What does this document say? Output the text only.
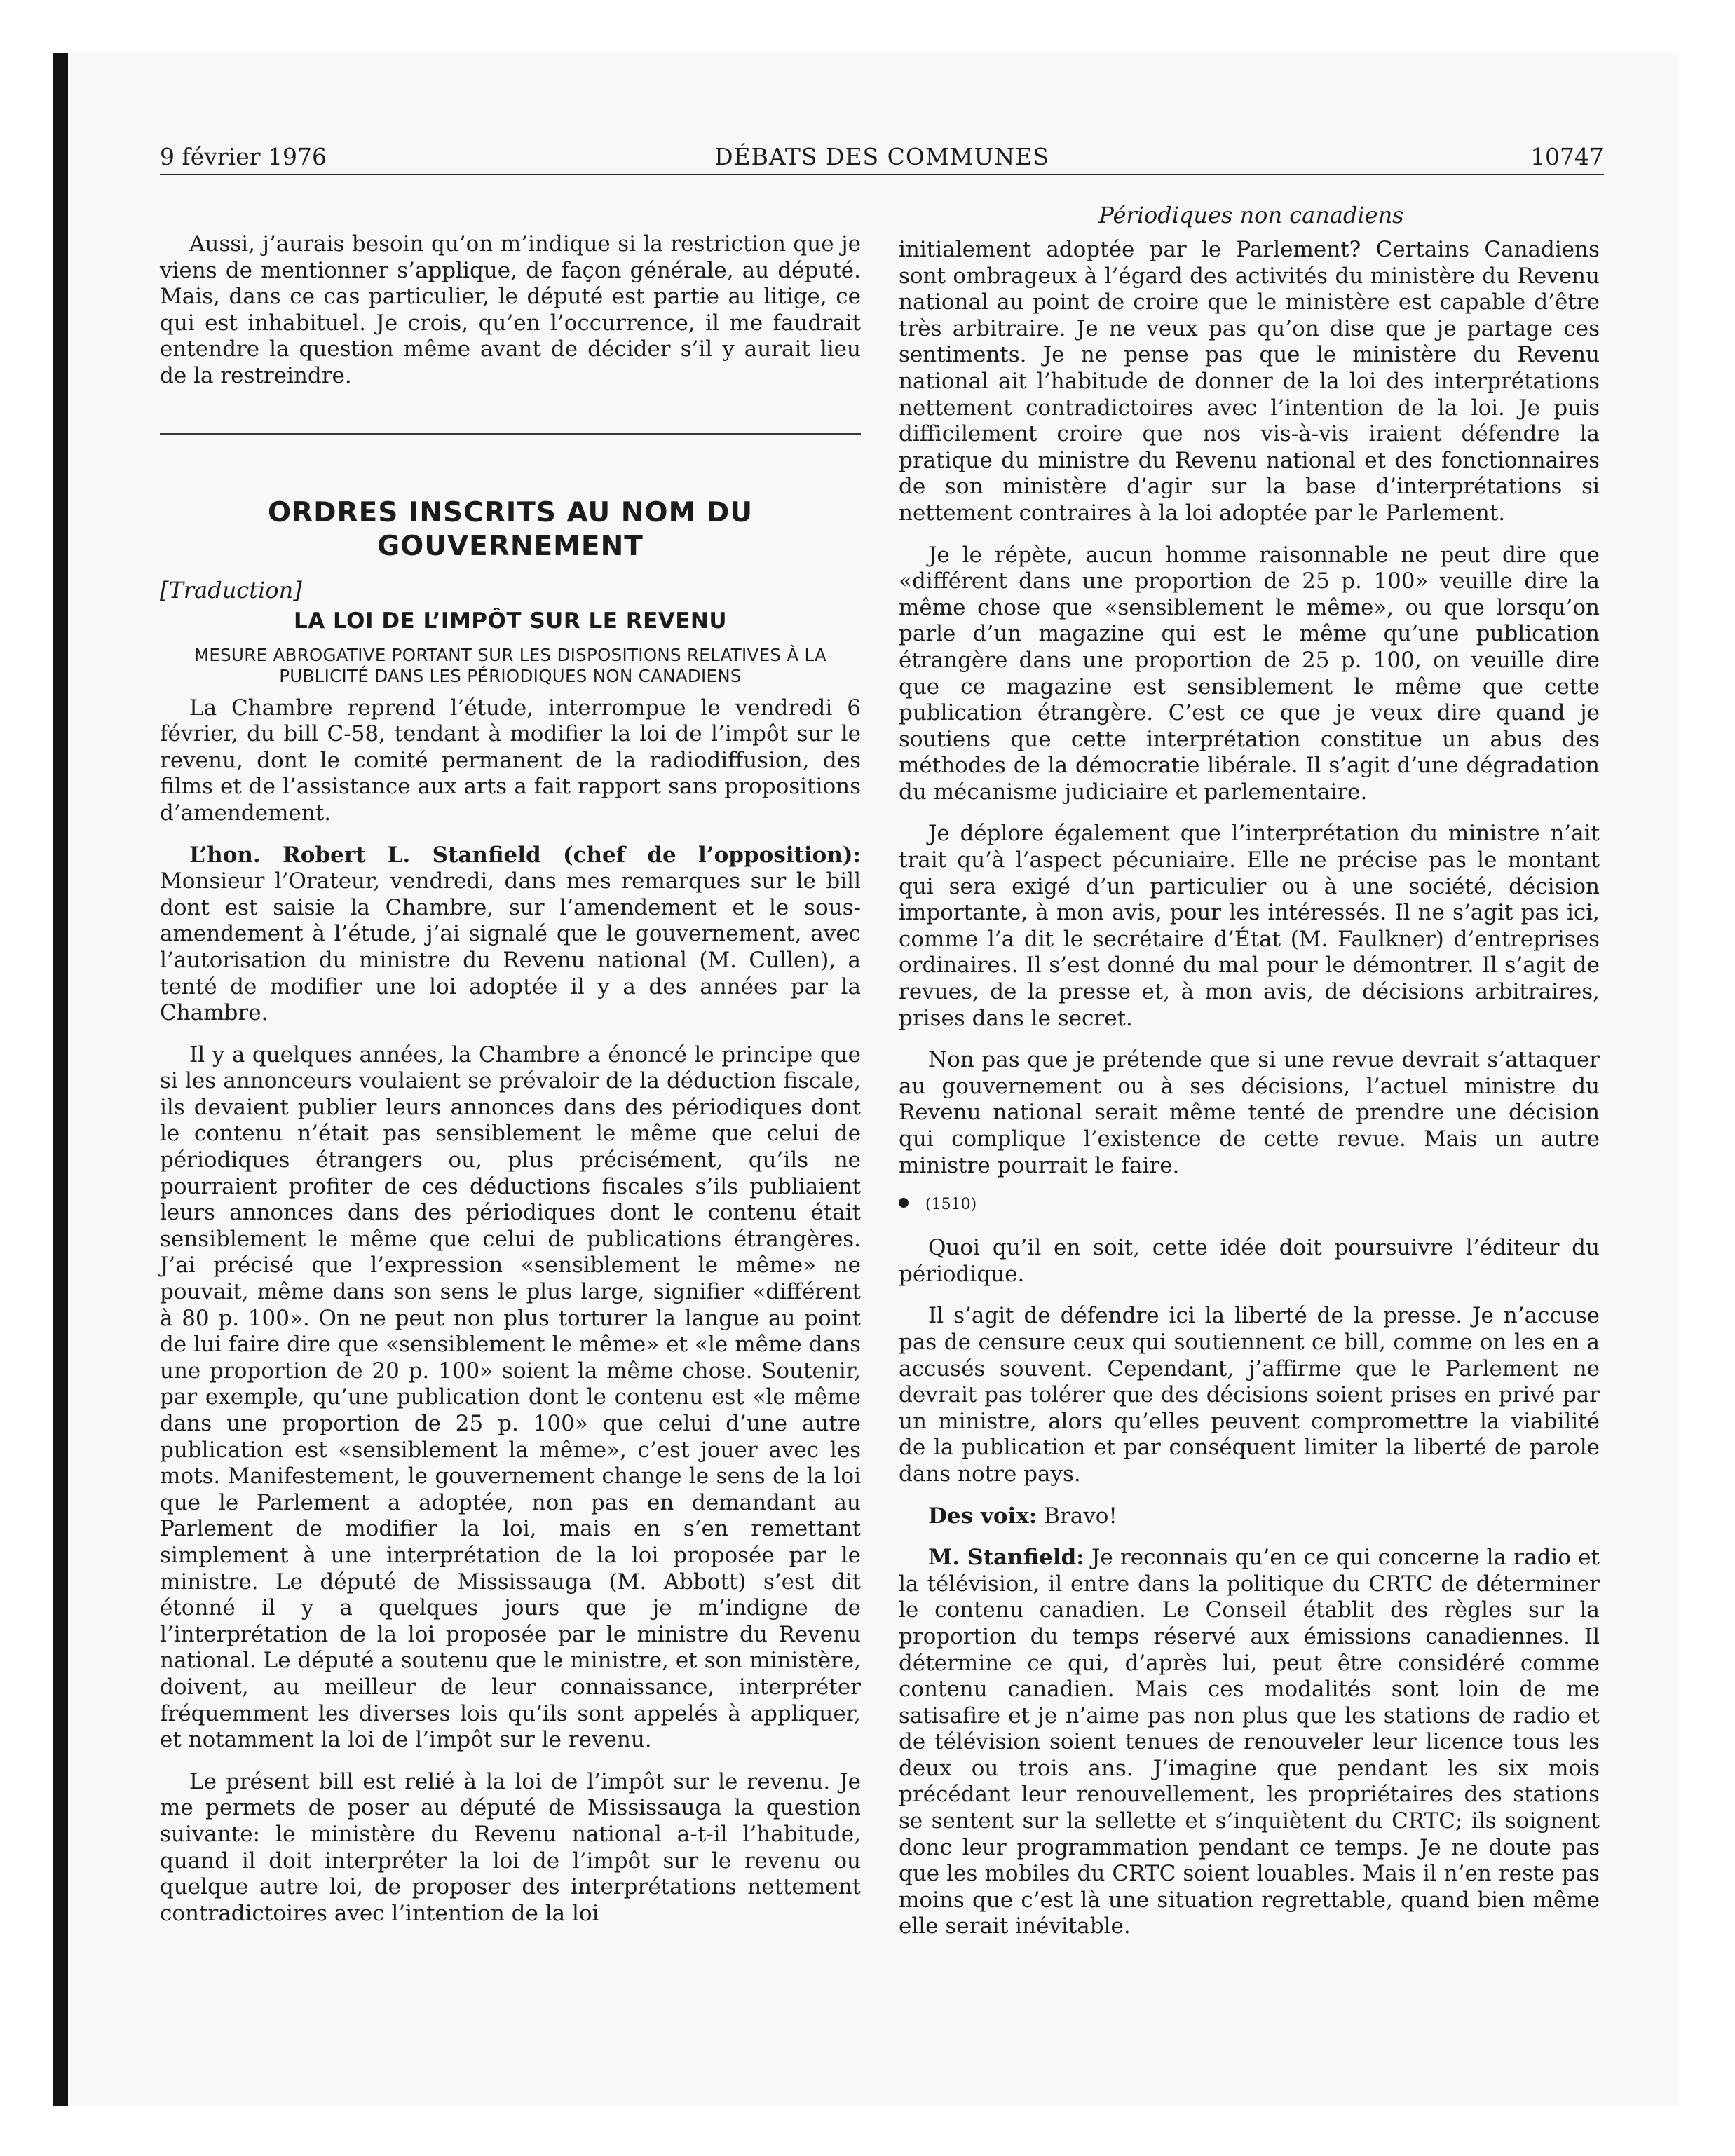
DÉBATS DES COMMUNES
9 février 1976	10747
Périodiques non canadiens

Aussi, j’aurais besoin qu’on m’indique si la restriction que je viens de mentionner s’applique, de façon générale, au député. Mais, dans ce cas particulier, le député est partie au litige, ce qui est inhabituel. Je crois, qu’en l’occurrence, il me faudrait entendre la question même avant de décider s’il y aurait lieu de la restreindre.

ORDRES INSCRITS AU NOM DU GOUVERNEMENT
[Traduction]
LA LOI DE L’IMPÔT SUR LE REVENU
MESURE ABROGATIVE PORTANT SUR LES DISPOSITIONS RELATIVES À LA PUBLICITÉ DANS LES PÉRIODIQUES NON CANADIENS

La Chambre reprend l’étude, interrompue le vendredi 6 février, du bill C-58, tendant à modifier la loi de l’impôt sur le revenu, dont le comité permanent de la radiodiffusion, des films et de l’assistance aux arts a fait rapport sans propositions d’amendement.

L’hon. Robert L. Stanfield (chef de l’opposition): Monsieur l’Orateur, vendredi, dans mes remarques sur le bill dont est saisie la Chambre, sur l’amendement et le sous-amendement à l’étude, j’ai signalé que le gouvernement, avec l’autorisation du ministre du Revenu national (M. Cullen), a tenté de modifier une loi adoptée il y a des années par la Chambre.

Il y a quelques années, la Chambre a énoncé le principe que si les annonceurs voulaient se prévaloir de la déduction fiscale, ils devaient publier leurs annonces dans des périodiques dont le contenu n’était pas sensiblement le même que celui de périodiques étrangers ou, plus précisément, qu’ils ne pourraient profiter de ces déductions fiscales s’ils publiaient leurs annonces dans des périodiques dont le contenu était sensiblement le même que celui de publications étrangères. J’ai précisé que l’expression «sensiblement le même» ne pouvait, même dans son sens le plus large, signifier «différent à 80 p. 100». On ne peut non plus torturer la langue au point de lui faire dire que «sensiblement le même» et «le même dans une proportion de 20 p. 100» soient la même chose. Soutenir, par exemple, qu’une publication dont le contenu est «le même dans une proportion de 25 p. 100» que celui d’une autre publication est «sensiblement la même», c’est jouer avec les mots. Manifestement, le gouvernement change le sens de la loi que le Parlement a adoptée, non pas en demandant au Parlement de modifier la loi, mais en s’en remettant simplement à une interprétation de la loi proposée par le ministre. Le député de Mississauga (M. Abbott) s’est dit étonné il y a quelques jours que je m’indigne de l’interprétation de la loi proposée par le ministre du Revenu national. Le député a soutenu que le ministre, et son ministère, doivent, au meilleur de leur connaissance, interpréter fréquemment les diverses lois qu’ils sont appelés à appliquer, et notamment la loi de l’impôt sur le revenu.

Le présent bill est relié à la loi de l’impôt sur le revenu. Je me permets de poser au député de Mississauga la question suivante: le ministère du Revenu national a-t-il l’habitude, quand il doit interpréter la loi de l’impôt sur le revenu ou quelque autre loi, de proposer des interprétations nettement contradictoires avec l’intention de la loi

initialement adoptée par le Parlement? Certains Canadiens sont ombrageux à l’égard des activités du ministère du Revenu national au point de croire que le ministère est capable d’être très arbitraire. Je ne veux pas qu’on dise que je partage ces sentiments. Je ne pense pas que le ministère du Revenu national ait l’habitude de donner de la loi des interprétations nettement contradictoires avec l’intention de la loi. Je puis difficilement croire que nos vis-à-vis iraient défendre la pratique du ministre du Revenu national et des fonctionnaires de son ministère d’agir sur la base d’interprétations si nettement contraires à la loi adoptée par le Parlement.

Je le répète, aucun homme raisonnable ne peut dire que «différent dans une proportion de 25 p. 100» veuille dire la même chose que «sensiblement le même», ou que lorsqu’on parle d’un magazine qui est le même qu’une publication étrangère dans une proportion de 25 p. 100, on veuille dire que ce magazine est sensiblement le même que cette publication étrangère. C’est ce que je veux dire quand je soutiens que cette interprétation constitue un abus des méthodes de la démocratie libérale. Il s’agit d’une dégradation du mécanisme judiciaire et parlementaire.

Je déplore également que l’interprétation du ministre n’ait trait qu’à l’aspect pécuniaire. Elle ne précise pas le montant qui sera exigé d’un particulier ou à une société, décision importante, à mon avis, pour les intéressés. Il ne s’agit pas ici, comme l’a dit le secrétaire d’État (M. Faulkner) d’entreprises ordinaires. Il s’est donné du mal pour le démontrer. Il s’agit de revues, de la presse et, à mon avis, de décisions arbitraires, prises dans le secret.

Non pas que je prétende que si une revue devrait s’attaquer au gouvernement ou à ses décisions, l’actuel ministre du Revenu national serait même tenté de prendre une décision qui complique l’existence de cette revue. Mais un autre ministre pourrait le faire.

(1510)

Quoi qu’il en soit, cette idée doit poursuivre l’éditeur du périodique.

Il s’agit de défendre ici la liberté de la presse. Je n’accuse pas de censure ceux qui soutiennent ce bill, comme on les en a accusés souvent. Cependant, j’affirme que le Parlement ne devrait pas tolérer que des décisions soient prises en privé par un ministre, alors qu’elles peuvent compromettre la viabilité de la publication et par conséquent limiter la liberté de parole dans notre pays.

Des voix: Bravo!

M. Stanfield: Je reconnais qu’en ce qui concerne la radio et la télévision, il entre dans la politique du CRTC de déterminer le contenu canadien. Le Conseil établit des règles sur la proportion du temps réservé aux émissions canadiennes. Il détermine ce qui, d’après lui, peut être considéré comme contenu canadien. Mais ces modalités sont loin de me satisafire et je n’aime pas non plus que les stations de radio et de télévision soient tenues de renouveler leur licence tous les deux ou trois ans. J’imagine que pendant les six mois précédant leur renouvellement, les propriétaires des stations se sentent sur la sellette et s’inquiètent du CRTC; ils soignent donc leur programmation pendant ce temps. Je ne doute pas que les mobiles du CRTC soient louables. Mais il n’en reste pas moins que c’est là une situation regrettable, quand bien même elle serait inévitable.
